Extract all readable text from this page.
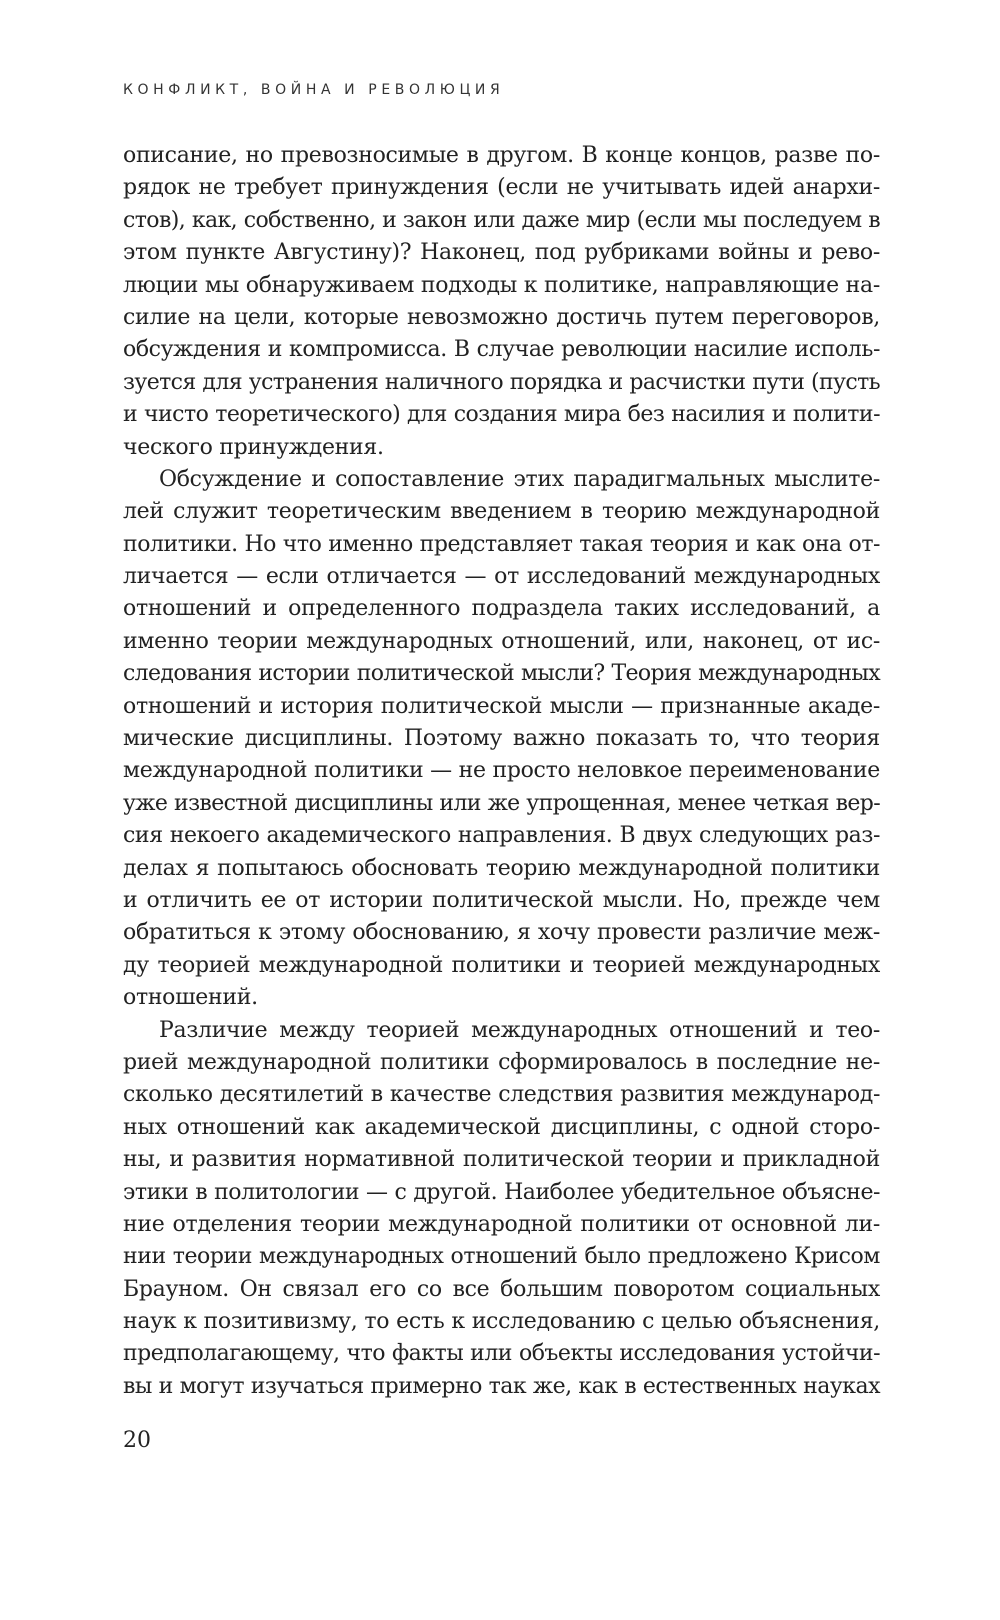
КОНФЛИКТ, ВОЙНА И РЕВОЛЮЦИЯ
описание, но превозносимые в другом. В конце концов, разве по-
рядок не требует принуждения (если не учитывать идей анархи-
стов), как, собственно, и закон или даже мир (если мы последуем в
этом пункте Августину)? Наконец, под рубриками войны и рево-
люции мы обнаруживаем подходы к политике, направляющие на-
силие на цели, которые невозможно достичь путем переговоров,
обсуждения и компромисса. В случае революции насилие исполь-
зуется для устранения наличного порядка и расчистки пути (пусть
и чисто теоретического) для создания мира без насилия и полити-
ческого принуждения.
Обсуждение и сопоставление этих парадигмальных мыслите-
лей служит теоретическим введением в теорию международной
политики. Но что именно представляет такая теория и как она от-
личается — если отличается — от исследований международных
отношений и определенного подраздела таких исследований, а
именно теории международных отношений, или, наконец, от ис-
следования истории политической мысли? Теория международных
отношений и история политической мысли — признанные акаде-
мические дисциплины. Поэтому важно показать то, что теория
международной политики — не просто неловкое переименование
уже известной дисциплины или же упрощенная, менее четкая вер-
сия некоего академического направления. В двух следующих раз-
делах я попытаюсь обосновать теорию международной политики
и отличить ее от истории политической мысли. Но, прежде чем
обратиться к этому обоснованию, я хочу провести различие меж-
ду теорией международной политики и теорией международных
отношений.
Различие между теорией международных отношений и тео-
рией международной политики сформировалось в последние не-
сколько десятилетий в качестве следствия развития международ-
ных отношений как академической дисциплины, с одной сторо-
ны, и развития нормативной политической теории и прикладной
этики в политологии — с другой. Наиболее убедительное объясне-
ние отделения теории международной политики от основной ли-
нии теории международных отношений было предложено Крисом
Брауном. Он связал его со все большим поворотом социальных
наук к позитивизму, то есть к исследованию с целью объяснения,
предполагающему, что факты или объекты исследования устойчи-
вы и могут изучаться примерно так же, как в естественных науках
20
